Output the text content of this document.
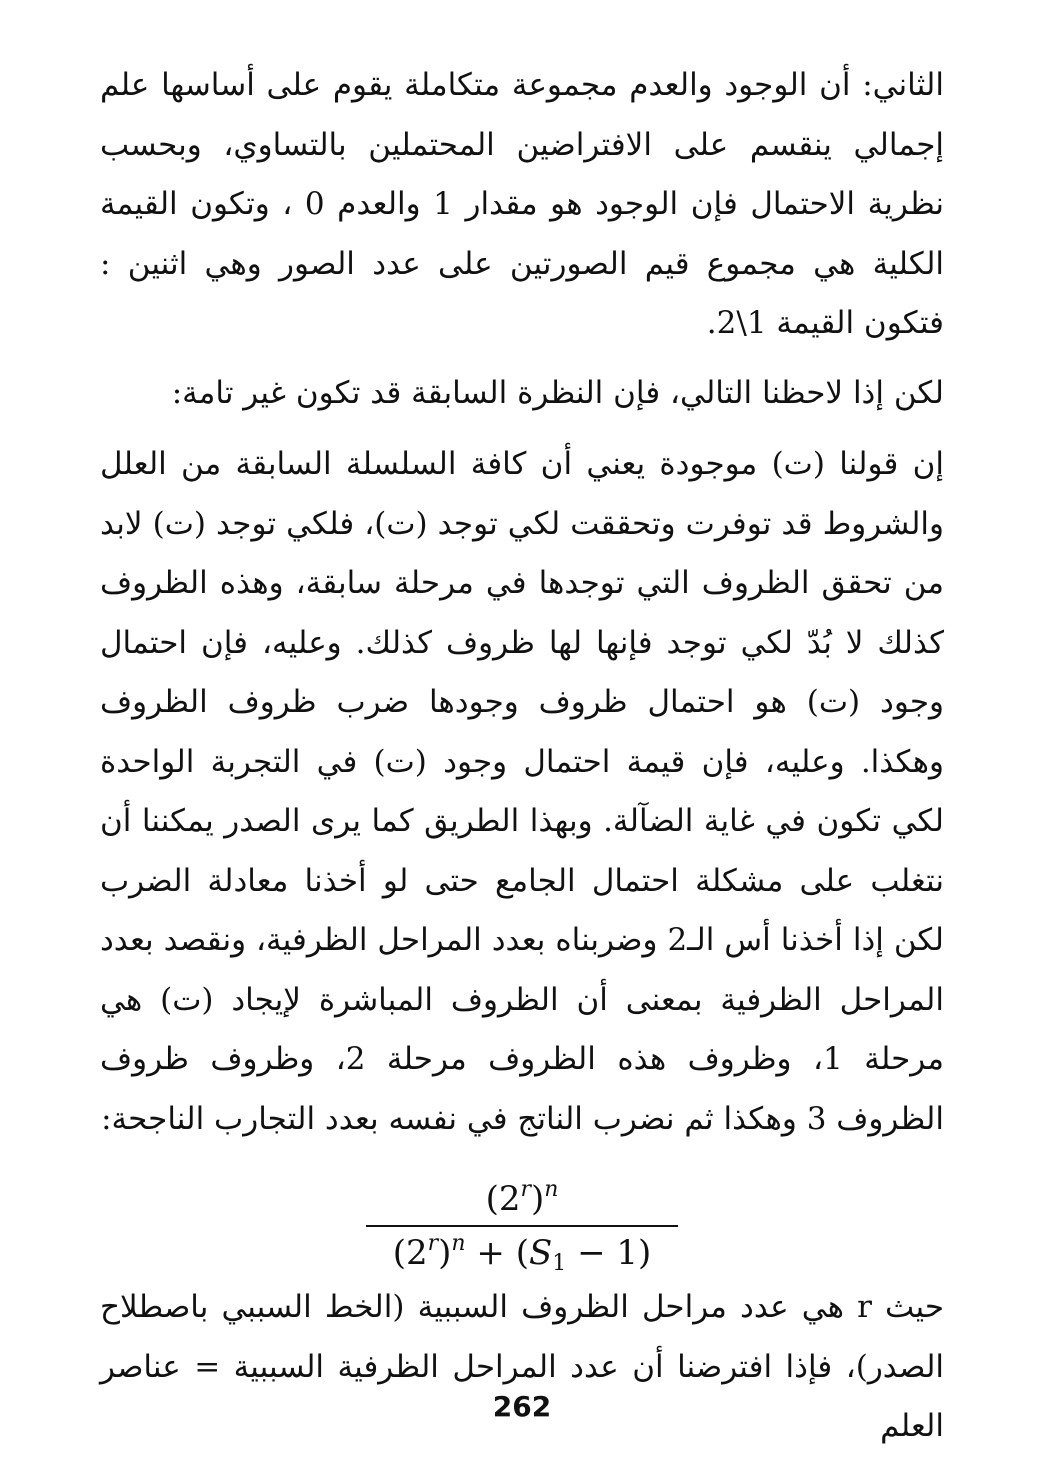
الثاني: أن الوجود والعدم مجموعة متكاملة يقوم على أساسها علم إجمالي ينقسم على الافتراضين المحتملين بالتساوي، وبحسب نظرية الاحتمال فإن الوجود هو مقدار 1 والعدم 0 ، وتكون القيمة الكلية هي مجموع قيم الصورتين على عدد الصور وهي اثنين : فتكون القيمة 1\2.

لكن إذا لاحظنا التالي، فإن النظرة السابقة قد تكون غير تامة:

إن قولنا (ت) موجودة يعني أن كافة السلسلة السابقة من العلل والشروط قد توفرت وتحققت لكي توجد (ت)، فلكي توجد (ت) لابد من تحقق الظروف التي توجدها في مرحلة سابقة، وهذه الظروف كذلك لا بُدّ لكي توجد فإنها لها ظروف كذلك. وعليه، فإن احتمال وجود (ت) هو احتمال ظروف وجودها ضرب ظروف الظروف وهكذا. وعليه، فإن قيمة احتمال وجود (ت) في التجربة الواحدة لكي تكون في غاية الضآلة. وبهذا الطريق كما يرى الصدر يمكننا أن نتغلب على مشكلة احتمال الجامع حتى لو أخذنا معادلة الضرب لكن إذا أخذنا أس الـ2 وضربناه بعدد المراحل الظرفية، ونقصد بعدد المراحل الظرفية بمعنى أن الظروف المباشرة لإيجاد (ت) هي مرحلة 1، وظروف هذه الظروف مرحلة 2، وظروف ظروف الظروف 3 وهكذا ثم نضرب الناتج في نفسه بعدد التجارب الناجحة:

$(2^r)^n$
$(2^r)^n + (S_1 - 1)$

حيث r هي عدد مراحل الظروف السببية (الخط السببي باصطلاح الصدر)، فإذا افترضنا أن عدد المراحل الظرفية السببية = عناصر العلم

262
